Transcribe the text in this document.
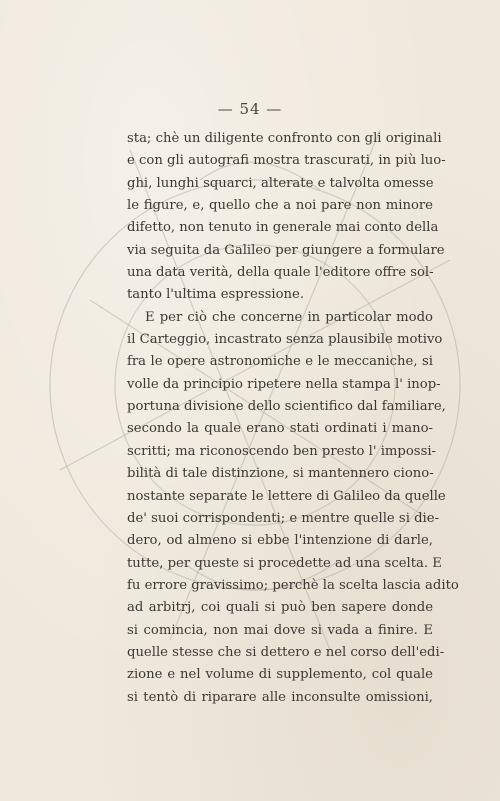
— 54 —
sta; chè un diligente confronto con gli originali
e con gli autografi mostra trascurati, in più luo-
ghi, lunghi squarci, alterate e talvolta omesse
le figure, e, quello che a noi pare non minore
difetto, non tenuto in generale mai conto della
via seguita da Galileo per giungere a formulare
una data verità, della quale l'editore offre sol-
tanto l'ultima espressione.
E per ciò che concerne in particolar modo
il Carteggio, incastrato senza plausibile motivo
fra le opere astronomiche e le meccaniche, si
volle da principio ripetere nella stampa l' inop-
portuna divisione dello scientifico dal familiare,
secondo la quale erano stati ordinati i mano-
scritti; ma riconoscendo ben presto l' impossi-
bilità di tale distinzione, si mantennero ciono-
nostante separate le lettere di Galileo da quelle
de' suoi corrispondenti; e mentre quelle si die-
dero, od almeno si ebbe l'intenzione di darle,
tutte, per queste si procedette ad una scelta. E
fu errore gravissimo; perchè la scelta lascia adito
ad arbitrj, coi quali si può ben sapere donde
si comincia, non mai dove si vada a finire. E
quelle stesse che si dettero e nel corso dell'edi-
zione e nel volume di supplemento, col quale
si tentò di riparare alle inconsulte omissioni,
